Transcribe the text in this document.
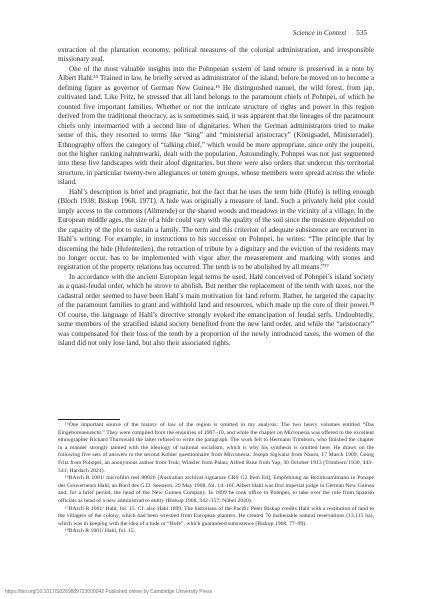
Science in Context 535

extraction of the plantation economy, political measures of the colonial administration, and irresponsible missionary zeal.

One of the most valuable insights into the Pohnpeian system of land tenure is preserved in a note by Albert Hahl.¹⁵ Trained in law, he briefly served as administrator of the island, before he moved on to become a defining figure as governor of German New Guinea.¹⁶ He distinguished nanuel, the wild forest, from jap, cultivated land. Like Fritz, he stressed that all land belongs to the paramount chiefs of Pohnpei, of which he counted five important families. Whether or not the intricate structure of rights and power in this region derived from the traditional theocracy, as is sometimes said, it was apparent that the lineages of the paramount chiefs only intermarried with a second line of dignitaries. When the German administrators tried to make sense of this, they resorted to terms like “king” and “ministerial aristocracy” (Königsadel, Ministeradel). Ethnography offers the category of “talking chief,” which would be more appropriate, since only the joupeiti, not the higher ranking nahnmwarki, dealt with the population. Astoundingly, Pohnpei was not just segmented into these five landscapes with their aloof dignitaries, but there were also orders that undercut this territorial structure, in particular twenty-two allegiances or totem groups, whose members were spread across the whole island.

Hahl’s description is brief and pragmatic, but the fact that he uses the term hide (Hufe) is telling enough (Bloch 1938; Biskup 1968, 1971). A hide was originally a measure of land. Such a privately held plot could imply access to the commons (Allmende) or the shared woods and meadows in the vicinity of a village. In the European middle ages, the size of a hide could vary with the quality of the soil since the measure depended on the capacity of the plot to sustain a family. The term and this criterion of adequate subsistence are recurrent in Hahl’s writing. For example, in instructions to his successor on Pohnpei, he writes: “The principle that by discerning the hide (Hufenteilen), the retraction of tribute by a dignitary and the eviction of the residents may no longer occur, has to be implemented with vigor after the measurement and marking with stones and registration of the property relations has occurred. The tenth is to be abolished by all means.”¹⁷

In accordance with the ancient European legal terms he used, Hahl conceived of Pohnpei’s island society as a quasi-feudal order, which he strove to abolish. But neither the replacement of the tenth with taxes, nor the cadastral order seemed to have been Hahl’s main motivation for land reform. Rather, he targeted the capacity of the paramount families to grant and withhold land and resources, which made up the core of their power.¹⁸ Of course, the language of Hahl’s directive strongly evoked the emancipation of feudal serfs. Undoubtedly, some members of the stratified island society benefited from the new land order, and while the “aristocracy” was compensated for their loss of the tenth by a proportion of the newly introduced taxes, the women of the island did not only lose land, but also their associated rights.

¹⁵One important source of the history of law of the region is omitted in my analysis: The two heavy volumes entitled “Das Eingeborenenrecht.” They were compiled from the enquiries of 1907–10, and while the chapter on Micronesia was offered to the excellent ethnographer Richard Thurnwald the latter refused to write the paragraph. The work fell to Hermann Trimborn, who finished the chapter in a manner strongly tainted with the ideology of national socialism, which is why his synthesis is omitted here. He draws on the following five sets of answers to the second Kohler questionnaire from Micronesia: Joseph Sigwanz from Nauru, 17 March 1909; Georg Fritz from Pohnpei, an anonymous author from Truk; Winkler from Palau; Alfred Buse from Yap, 30 October 1913 (Trimborn 1930, 443–541; Hardach 2021).

¹⁶BArch R 1001/ microfilm reel 80026 [Australian archival signature CRS G2 Item Ed], Empfehlung an Bezirksamtmann in Ponape des Gouverneurs Hahl, an Bord des G.D. Seestern, 29 May 1908, fol. 14–16f. Albert Hahl was first imperial judge in German New Guinea and, for a brief period, the head of the New Guinea Company. In 1899 he took office in Pohnpei, to take over the rule from Spanish officials as head of a new administrative entity (Biskup 1968, 342–357; Nübel 2020).

¹⁷BArch R 1001/ Hahl, fol. 15. Cf. also Hahl 1899. The historians of the Pacific Peter Biskup credits Hahl with a restitution of land to the villagers of the colony, which had been wrestled from European planters. He created 70 inalienable natural reservations (13,115 ha), which was in keeping with the idea of a hide or “Hufe”, which guaranteed subsistence (Biskup 1968, 77–99).

¹⁸BArch R 1001/ Hahl, fol. 15.

https://doi.org/10.1017/S0269889723000042 Published online by Cambridge University Press
